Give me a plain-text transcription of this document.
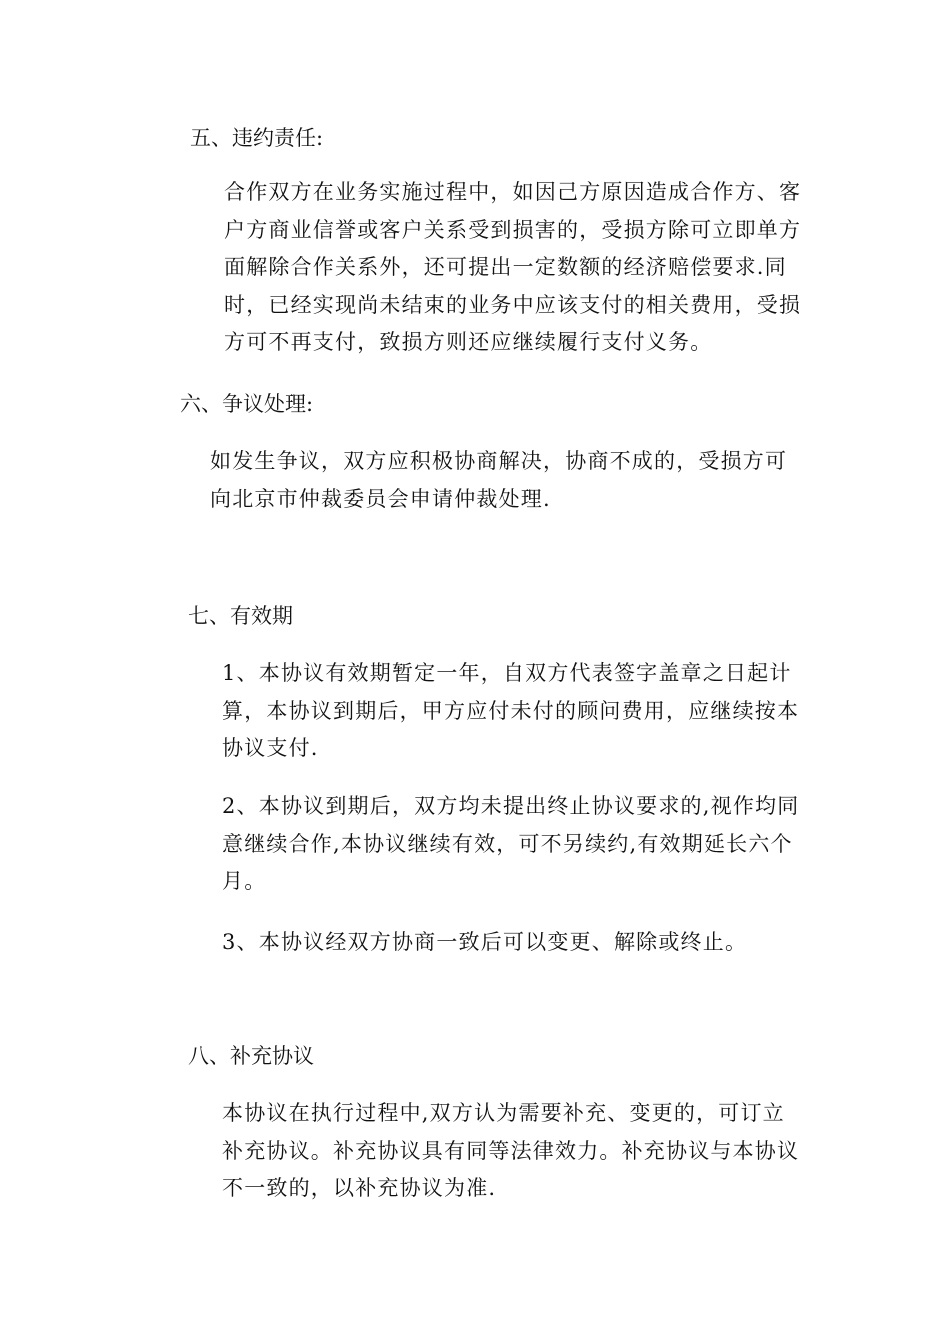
五、违约责任:
合作双方在业务实施过程中，如因己方原因造成合作方、客
户方商业信誉或客户关系受到损害的，受损方除可立即单方
面解除合作关系外，还可提出一定数额的经济赔偿要求.同
时，已经实现尚未结束的业务中应该支付的相关费用，受损
方可不再支付，致损方则还应继续履行支付义务。
六、争议处理:
如发生争议，双方应积极协商解决，协商不成的，受损方可
向北京市仲裁委员会申请仲裁处理.
七、有效期
1、本协议有效期暂定一年，自双方代表签字盖章之日起计
算，本协议到期后，甲方应付未付的顾问费用，应继续按本
协议支付.
2、本协议到期后，双方均未提出终止协议要求的,视作均同
意继续合作,本协议继续有效，可不另续约,有效期延长六个
月。
3、本协议经双方协商一致后可以变更、解除或终止。
八、补充协议
本协议在执行过程中,双方认为需要补充、变更的，可订立
补充协议。补充协议具有同等法律效力。补充协议与本协议
不一致的，以补充协议为准.
